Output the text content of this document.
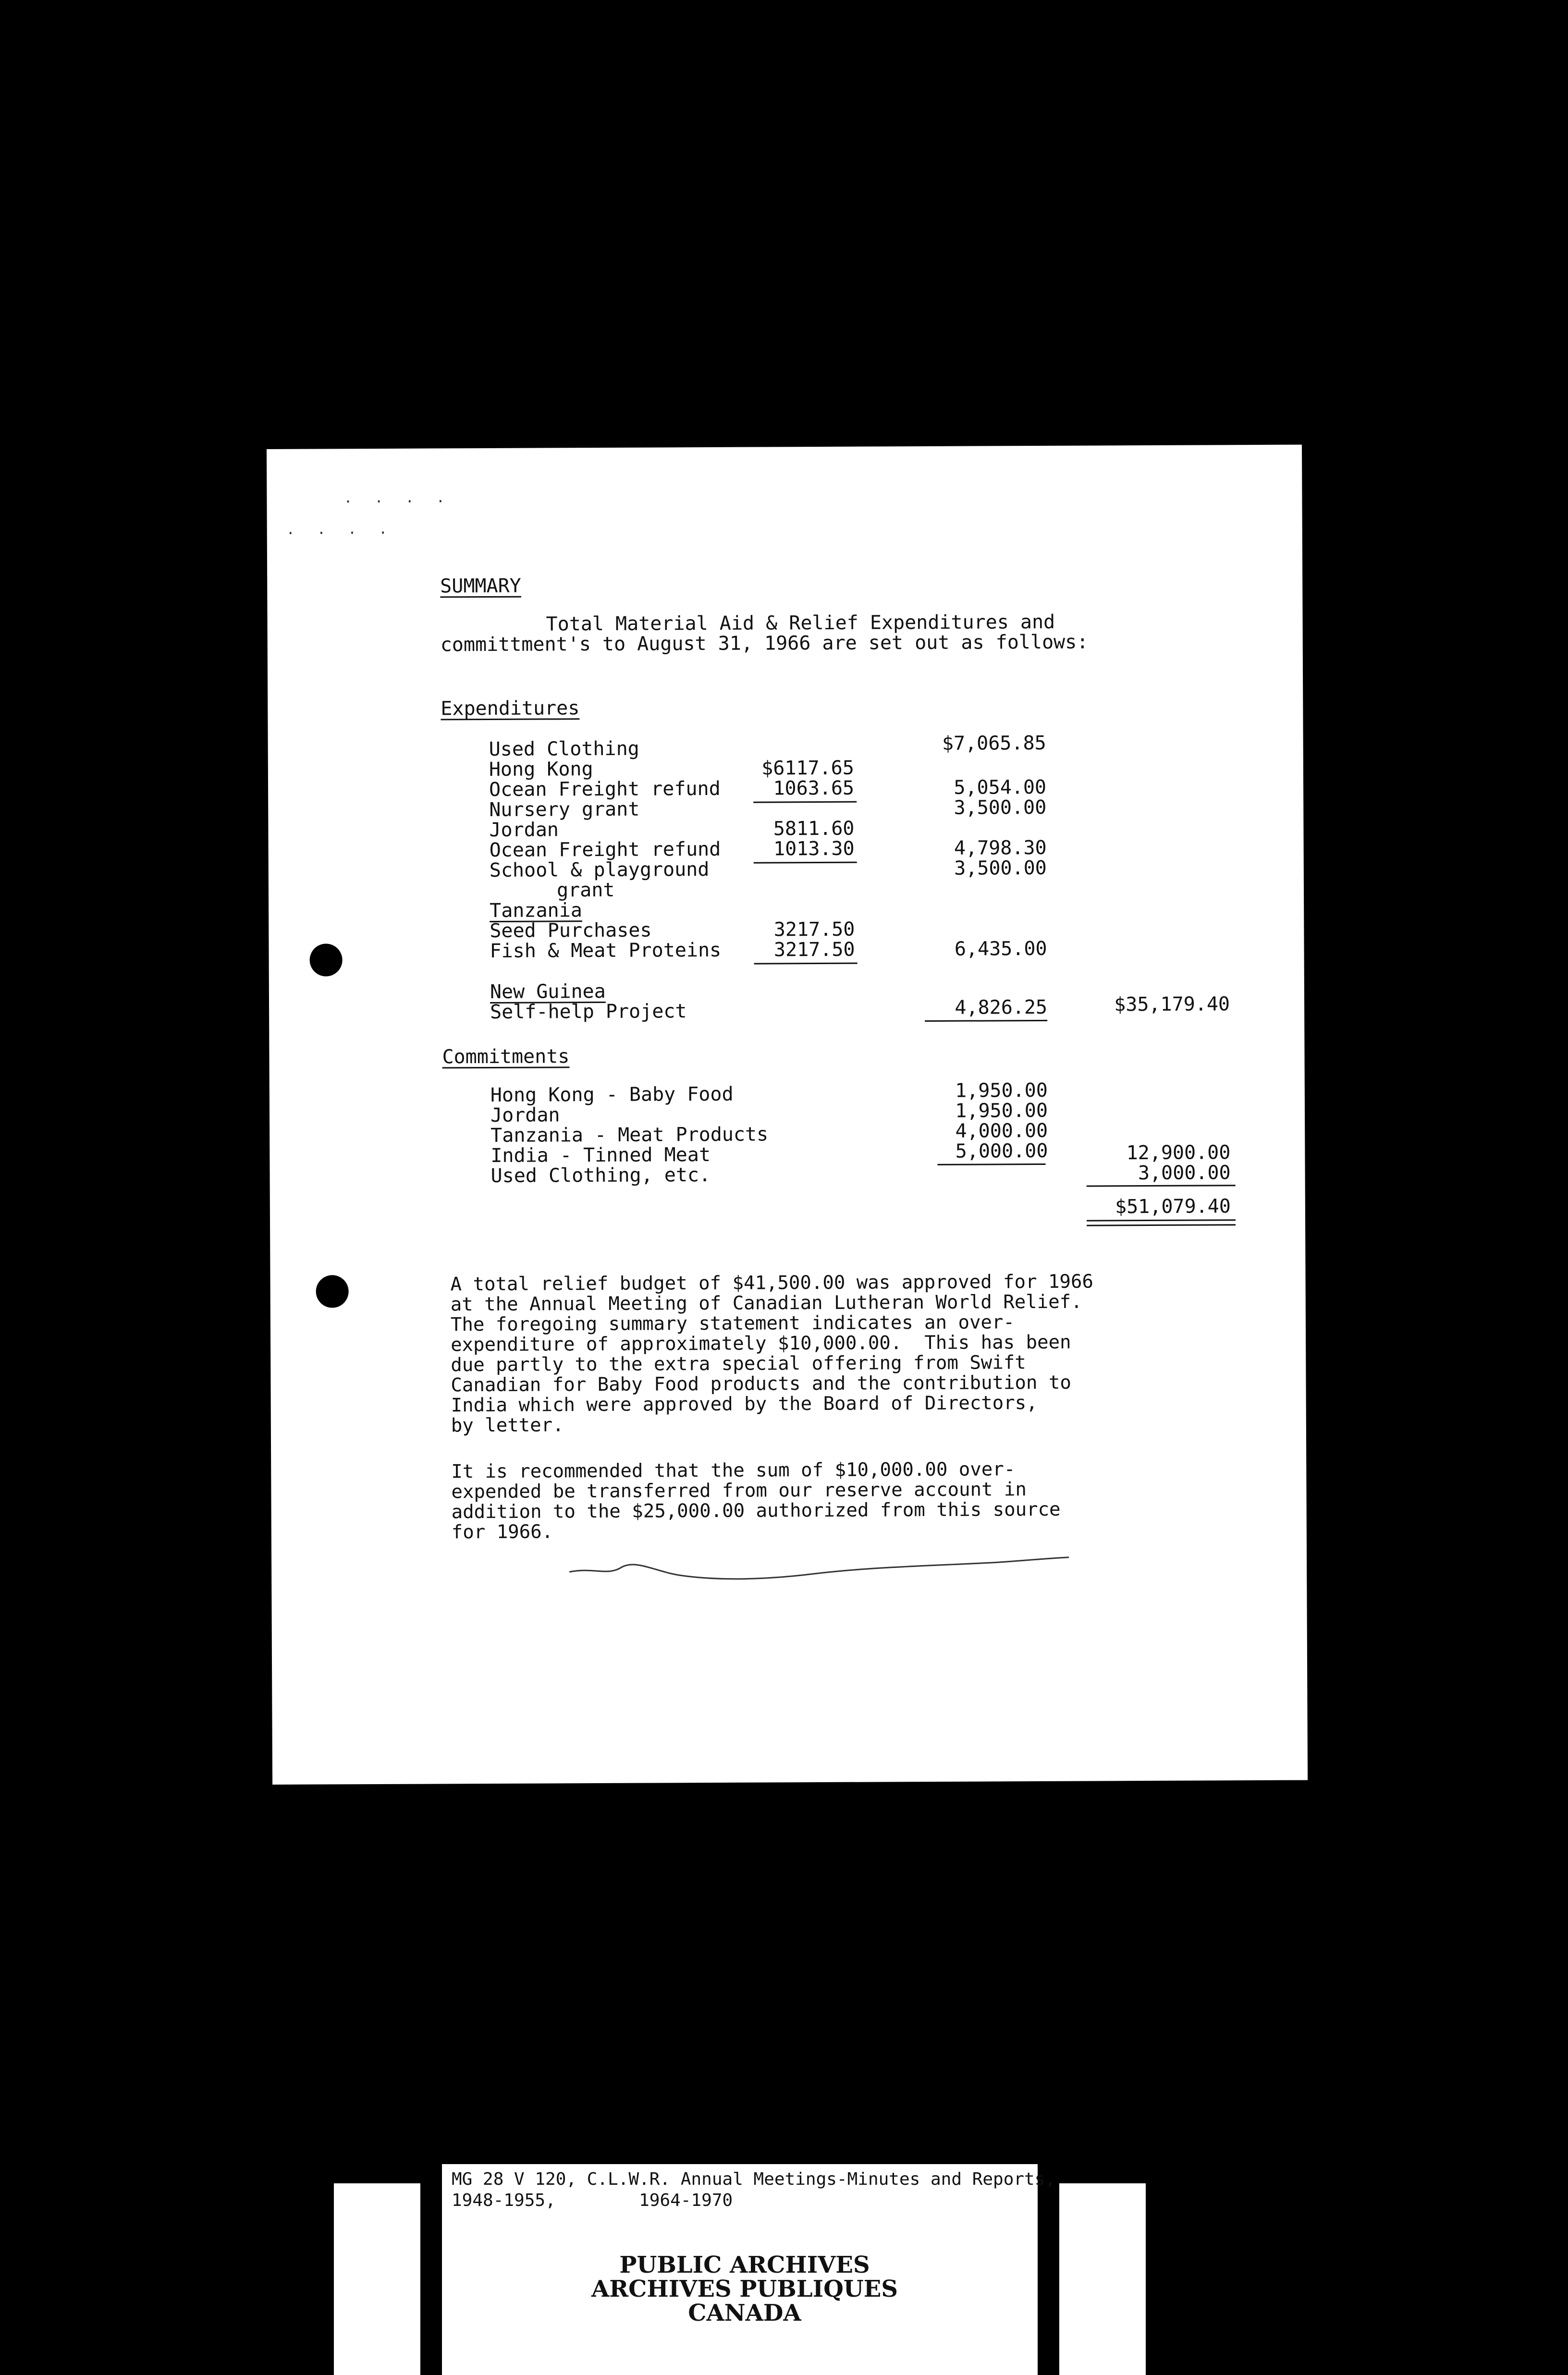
. . . .
. . . .
SUMMARY
Total Material Aid & Relief Expenditures and
committment's to August 31, 1966 are set out as follows:
Expenditures
Used Clothing
Hong Kong
Ocean Freight refund
Nursery grant
Jordan
Ocean Freight refund
School & playground
grant
Tanzania
Seed Purchases
Fish & Meat Proteins
New Guinea
Self-help Project
$6117.65
1063.65
5811.60
1013.30
3217.50
3217.50
$7,065.85
5,054.00
3,500.00
4,798.30
3,500.00
6,435.00
4,826.25	$35,179.40
Commitments
Hong Kong - Baby Food
Jordan
Tanzania - Meat Products
India - Tinned Meat
Used Clothing, etc.
1,950.00
1,950.00
4,000.00
5,000.00	12,900.00
3,000.00
$51,079.40
A total relief budget of $41,500.00 was approved for 1966
at the Annual Meeting of Canadian Lutheran World Relief.
The foregoing summary statement indicates an over-
expenditure of approximately $10,000.00.  This has been
due partly to the extra special offering from Swift
Canadian for Baby Food products and the contribution to
India which were approved by the Board of Directors,
by letter.
It is recommended that the sum of $10,000.00 over-
expended be transferred from our reserve account in
addition to the $25,000.00 authorized from this source
for 1966.
MG 28 V 120, C.L.W.R. Annual Meetings-Minutes and Reports,
1948-1955,        1964-1970
PUBLIC ARCHIVES
ARCHIVES PUBLIQUES
CANADA
